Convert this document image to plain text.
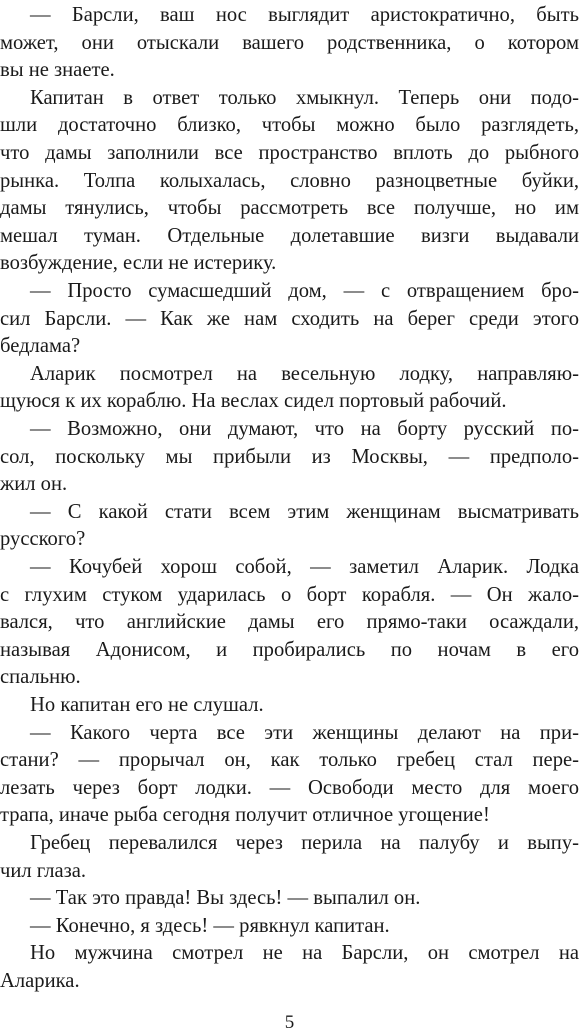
— Барсли, ваш нос выглядит аристократично, быть
может, они отыскали вашего родственника, о котором
вы не знаете.
Капитан в ответ только хмыкнул. Теперь они подо-
шли достаточно близко, чтобы можно было разглядеть,
что дамы заполнили все пространство вплоть до рыбного
рынка. Толпа колыхалась, словно разноцветные буйки,
дамы тянулись, чтобы рассмотреть все получше, но им
мешал туман. Отдельные долетавшие визги выдавали
возбуждение, если не истерику.
— Просто сумасшедший дом, — с отвращением бро-
сил Барсли. — Как же нам сходить на берег среди этого
бедлама?
Аларик посмотрел на весельную лодку, направляю-
щуюся к их кораблю. На веслах сидел портовый рабочий.
— Возможно, они думают, что на борту русский по-
сол, поскольку мы прибыли из Москвы, — предполо-
жил он.
— С какой стати всем этим женщинам высматривать
русского?
— Кочубей хорош собой, — заметил Аларик. Лодка
с глухим стуком ударилась о борт корабля. — Он жало-
вался, что английские дамы его прямо-таки осаждали,
называя Адонисом, и пробирались по ночам в его
спальню.
Но капитан его не слушал.
— Какого черта все эти женщины делают на при-
стани? — прорычал он, как только гребец стал пере-
лезать через борт лодки. — Освободи место для моего
трапа, иначе рыба сегодня получит отличное угощение!
Гребец перевалился через перила на палубу и выпу-
чил глаза.
— Так это правда! Вы здесь! — выпалил он.
— Конечно, я здесь! — рявкнул капитан.
Но мужчина смотрел не на Барсли, он смотрел на
Аларика.
5
